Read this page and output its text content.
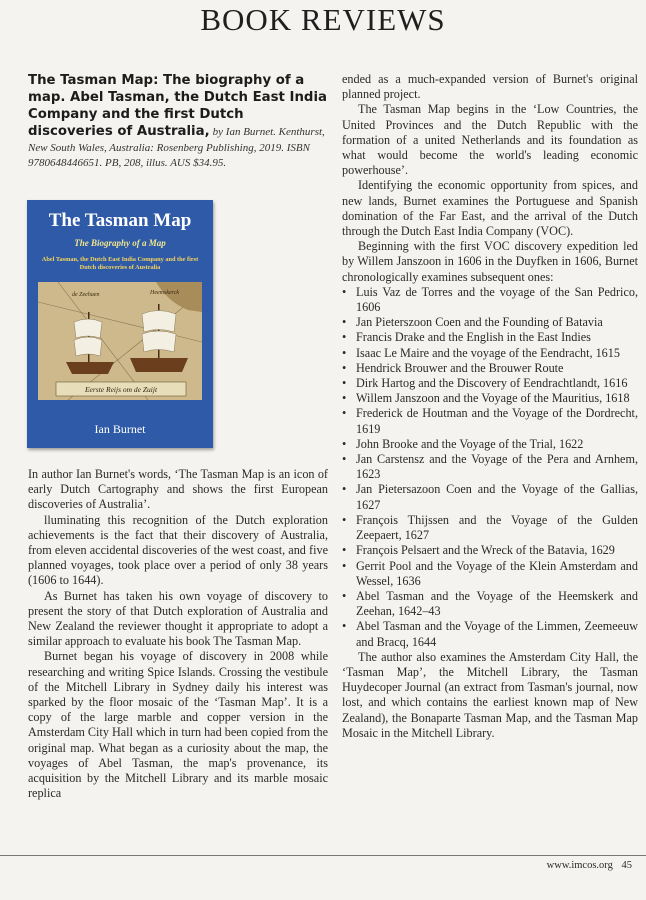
BOOK REVIEWS
The Tasman Map: The biography of a map. Abel Tasman, the Dutch East India Company and the first Dutch discoveries of Australia, by Ian Burnet. Kenthurst, New South Wales, Australia: Rosenberg Publishing, 2019. ISBN 9780648446651. PB, 208, illus. AUS $34.95.
The Tasman Map
The Biography of a Map
Abel Tasman, the Dutch East India Company and the first Dutch discoveries of Australia
de Zeehaen	Heemskerck
Eerste Reijs om de Zuijt
Ian Burnet

In author Ian Burnet's words, ‘The Tasman Map is an icon of early Dutch Cartography and shows the first European discoveries of Australia’.

lluminating this recognition of the Dutch exploration achievements is the fact that their discovery of Australia, from eleven accidental discoveries of the west coast, and five planned voyages, took place over a period of only 38 years (1606 to 1644).

As Burnet has taken his own voyage of discovery to present the story of that Dutch exploration of Australia and New Zealand the reviewer thought it appropriate to adopt a similar approach to evaluate his book The Tasman Map.

Burnet began his voyage of discovery in 2008 while researching and writing Spice Islands. Crossing the vestibule of the Mitchell Library in Sydney daily his interest was sparked by the floor mosaic of the ‘Tasman Map’. It is a copy of the large marble and copper version in the Amsterdam City Hall which in turn had been copied from the original map. What began as a curiosity about the map, the voyages of Abel Tasman, the map's provenance, its acquisition by the Mitchell Library and its marble mosaic replica

ended as a much-expanded version of Burnet's original planned project.

The Tasman Map begins in the ‘Low Countries, the United Provinces and the Dutch Republic with the formation of a united Netherlands and its foundation as what would become the world's leading economic powerhouse’.

Identifying the economic opportunity from spices, and new lands, Burnet examines the Portuguese and Spanish domination of the Far East, and the arrival of the Dutch through the Dutch East India Company (VOC).

Beginning with the first VOC discovery expedition led by Willem Janszoon in 1606 in the Duyfken in 1606, Burnet chronologically examines subsequent ones:

• Luis Vaz de Torres and the voyage of the San Pedrico, 1606
• Jan Pieterszoon Coen and the Founding of Batavia
• Francis Drake and the English in the East Indies
• Isaac Le Maire and the voyage of the Eendracht, 1615
• Hendrick Brouwer and the Brouwer Route
• Dirk Hartog and the Discovery of Eendrachtlandt, 1616
• Willem Janszoon and the Voyage of the Mauritius, 1618
• Frederick de Houtman and the Voyage of the Dordrecht, 1619
• John Brooke and the Voyage of the Trial, 1622
• Jan Carstensz and the Voyage of the Pera and Arnhem, 1623
• Jan Pietersazoon Coen and the Voyage of the Gallias, 1627
• François Thijssen and the Voyage of the Gulden Zeepaert, 1627
• François Pelsaert and the Wreck of the Batavia, 1629
• Gerrit Pool and the Voyage of the Klein Amsterdam and Wessel, 1636
• Abel Tasman and the Voyage of the Heemskerk and Zeehan, 1642–43
• Abel Tasman and the Voyage of the Limmen, Zeemeeuw and Bracq, 1644

The author also examines the Amsterdam City Hall, the ‘Tasman Map’, the Mitchell Library, the Tasman Huydecoper Journal (an extract from Tasman's journal, now lost, and which contains the earliest known map of New Zealand), the Bonaparte Tasman Map, and the Tasman Map Mosaic in the Mitchell Library.

www.imcos.org 45
